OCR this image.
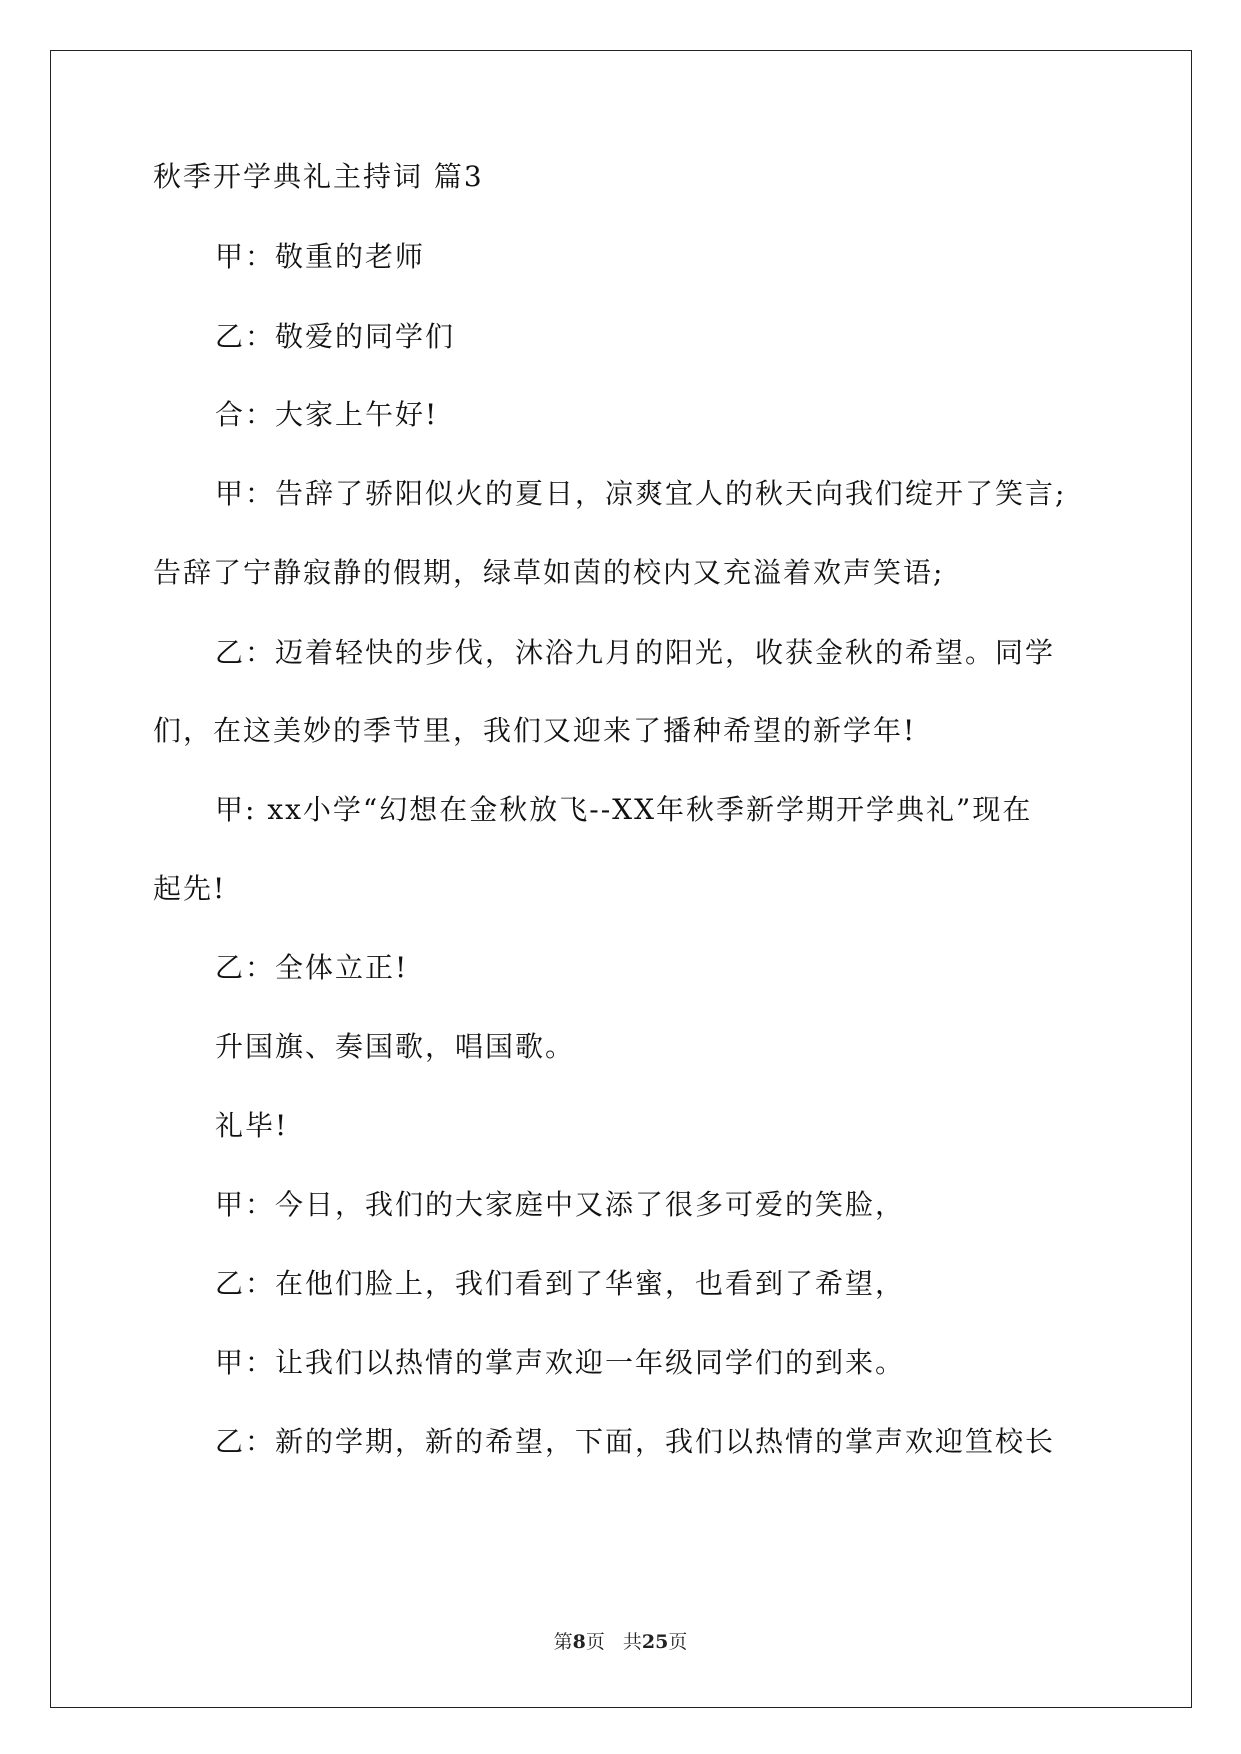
秋季开学典礼主持词 篇3
甲：敬重的老师
乙：敬爱的同学们
合：大家上午好!
甲：告辞了骄阳似火的夏日，凉爽宜人的秋天向我们绽开了笑言;
告辞了宁静寂静的假期，绿草如茵的校内又充溢着欢声笑语;
乙：迈着轻快的步伐，沐浴九月的阳光，收获金秋的希望。同学
们，在这美妙的季节里，我们又迎来了播种希望的新学年!
甲: xx小学“幻想在金秋放飞--XX年秋季新学期开学典礼”现在
起先!
乙：全体立正!
升国旗、奏国歌，唱国歌。
礼毕!
甲：今日，我们的大家庭中又添了很多可爱的笑脸，
乙：在他们脸上，我们看到了华蜜，也看到了希望，
甲：让我们以热情的掌声欢迎一年级同学们的到来。
乙：新的学期，新的希望，下面，我们以热情的掌声欢迎笪校长
第8页 共25页
